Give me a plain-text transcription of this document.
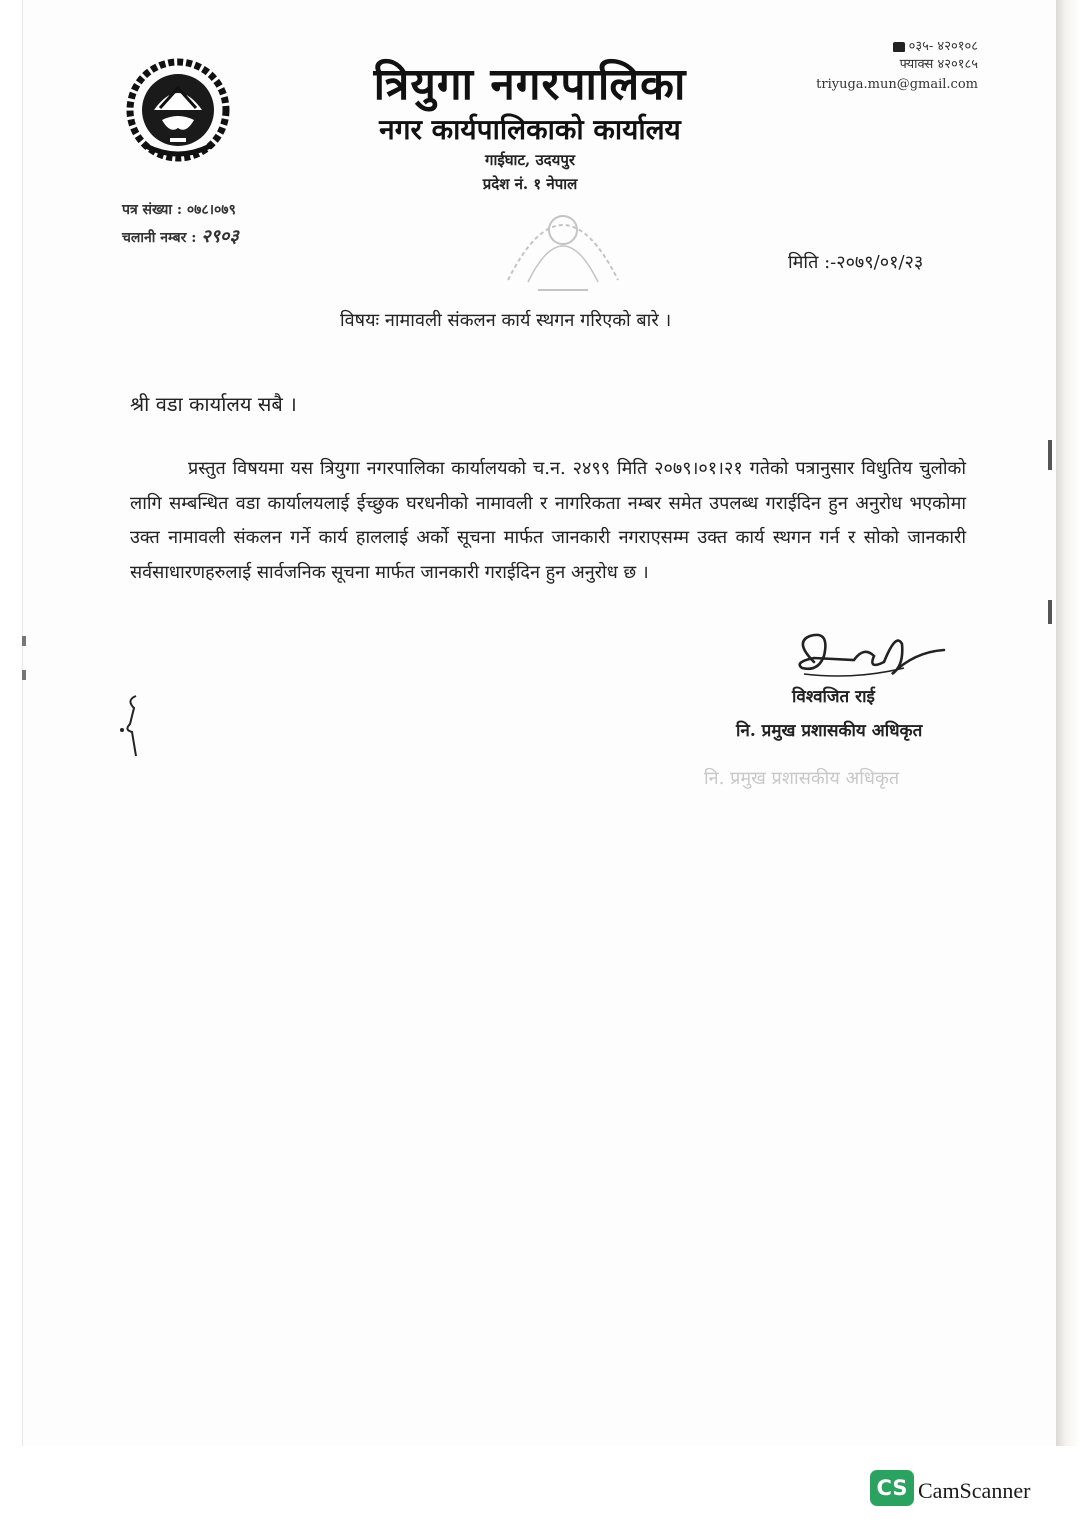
त्रियुगा नगरपालिका
नगर कार्यपालिकाको कार्यालय
गाईघाट, उदयपुर
प्रदेश नं. १ नेपाल
०३५- ४२०१०८
फ्याक्स ४२०१८५
triyuga.mun@gmail.com
पत्र संख्या : ०७८।०७९
चलानी नम्बर : २९०३
मिति :-२०७९/०१/२३
विषयः नामावली संकलन कार्य स्थगन गरिएको बारे ।
श्री वडा कार्यालय सबै ।
प्रस्तुत विषयमा यस त्रियुगा नगरपालिका कार्यालयको च.न. २४९९ मिति २०७९।०१।२१ गतेको पत्रानुसार विधुतिय चुलोको लागि सम्बन्धित वडा कार्यालयलाई ईच्छुक घरधनीको नामावली र नागरिकता नम्बर समेत उपलब्ध गराईदिन हुन अनुरोध भएकोमा उक्त नामावली संकलन गर्ने कार्य हाललाई अर्को सूचना मार्फत जानकारी नगराएसम्म उक्त कार्य स्थगन गर्न र सोको जानकारी सर्वसाधारणहरुलाई सार्वजनिक सूचना मार्फत जानकारी गराईदिन हुन अनुरोध छ ।
विश्वजित राई
नि. प्रमुख प्रशासकीय अधिकृत
नि. प्रमुख प्रशासकीय अधिकृत
CS CamScanner
